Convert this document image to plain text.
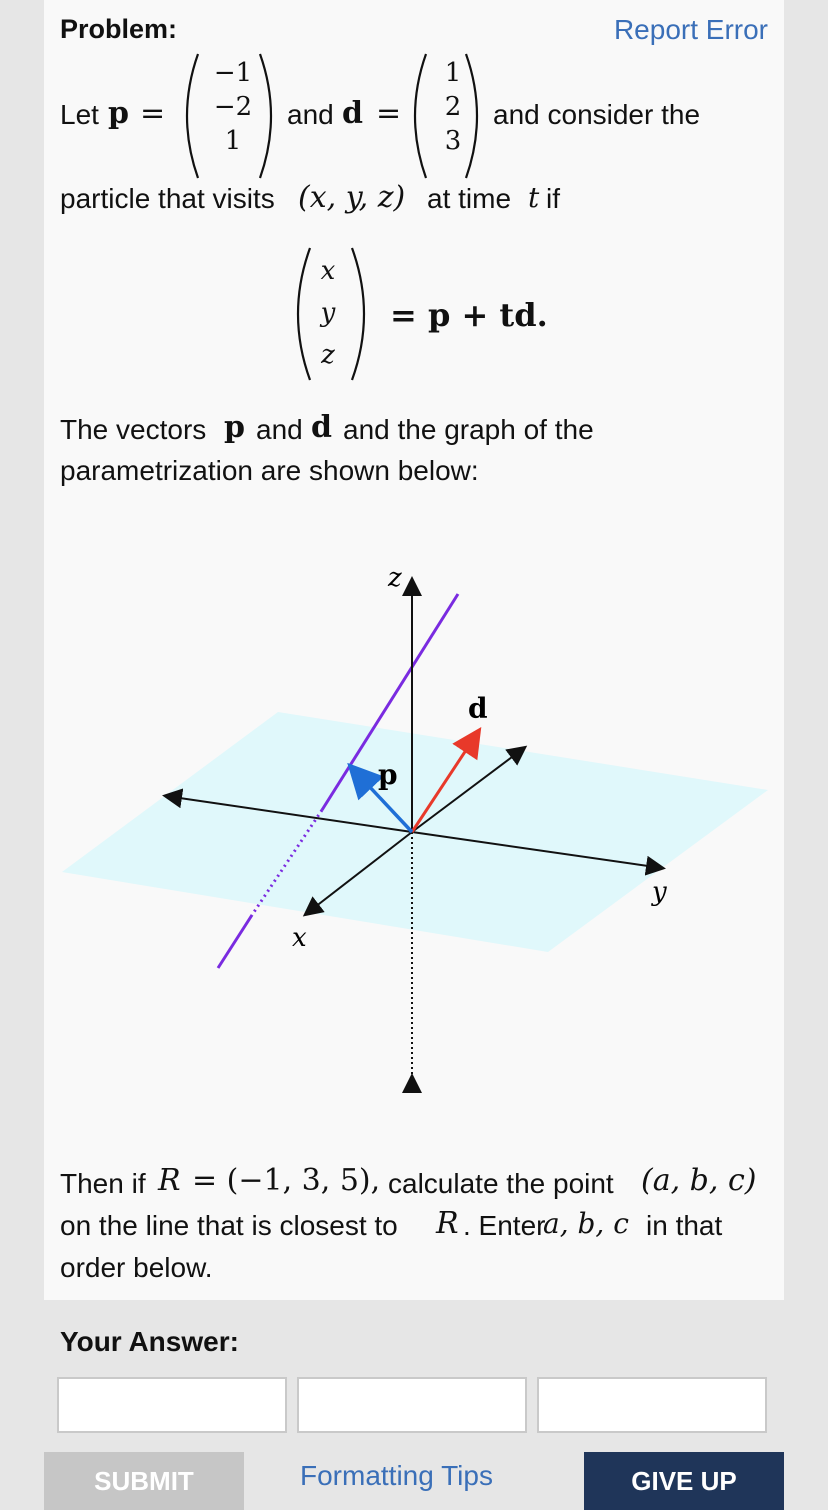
Problem:	Report Error
Let p =
−1
−2
1
and d =
1
2
3
and consider the
particle that visits (x, y, z) at time t if
x
y
z
= p + td.
The vectors p and d and the graph of the
parametrization are shown below:
z
y
x
p
d
Then if R = (−1, 3, 5), calculate the point (a, b, c)
on the line that is closest to R . Enter
a, b, c in that
order below.
Your Answer:
SUBMIT	Formatting Tips	GIVE UP
